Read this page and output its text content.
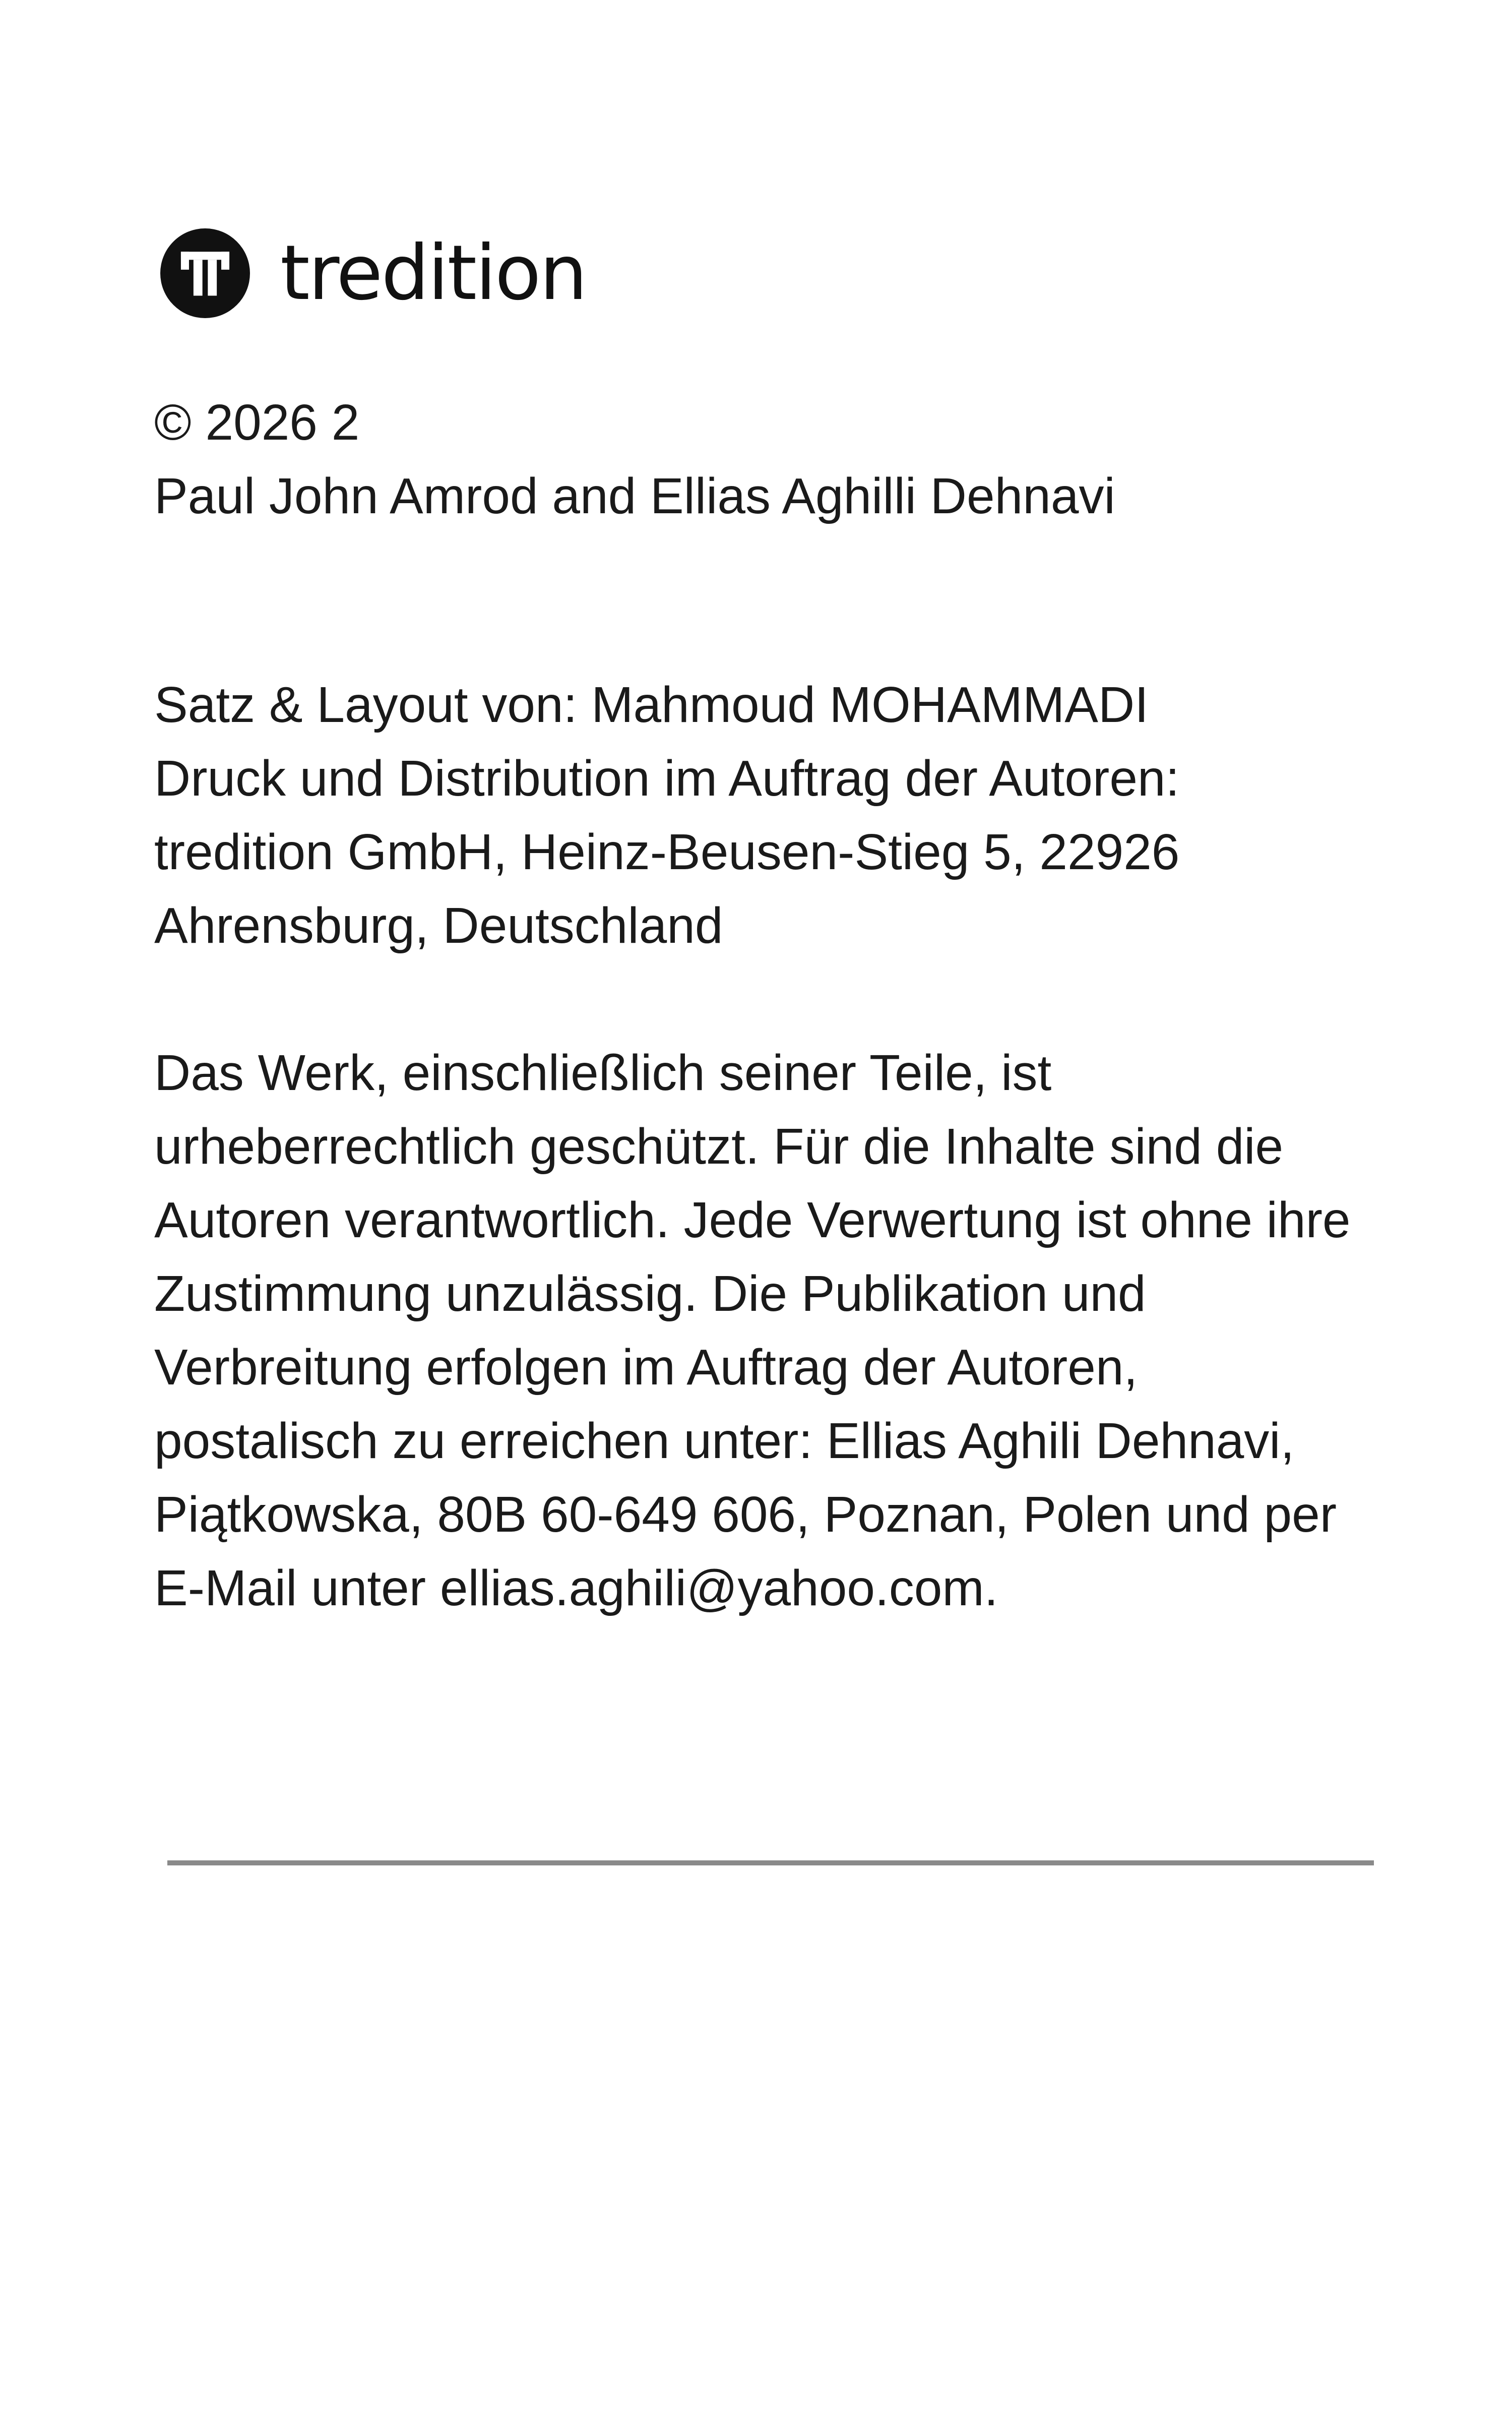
tredition
© 2026 2
Paul John Amrod and Ellias Aghilli Dehnavi
Satz & Layout von: Mahmoud MOHAMMADI
Druck und Distribution im Auftrag der Autoren:
tredition GmbH, Heinz-Beusen-Stieg 5, 22926
Ahrensburg, Deutschland
Das Werk, einschließlich seiner Teile, ist
urheberrechtlich geschützt. Für die Inhalte sind die
Autoren verantwortlich. Jede Verwertung ist ohne ihre
Zustimmung unzulässig. Die Publikation und
Verbreitung erfolgen im Auftrag der Autoren,
postalisch zu erreichen unter: Ellias Aghili Dehnavi,
Piątkowska, 80B 60-649 606, Poznan, Polen und per
E-Mail unter ellias.aghili@yahoo.com.
